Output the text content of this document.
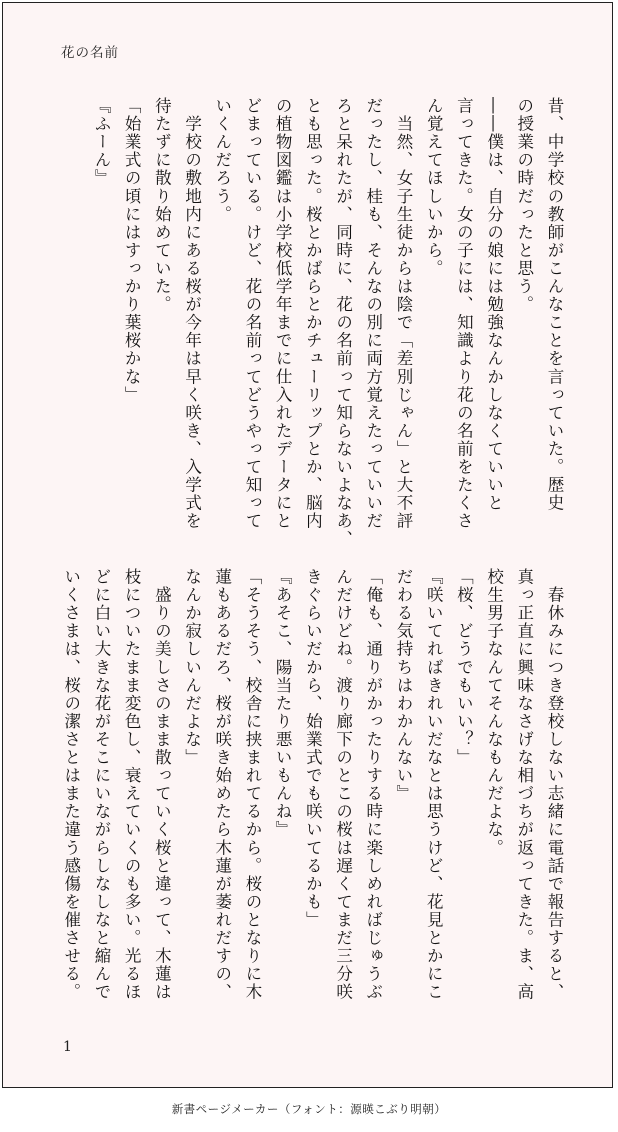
花の名前
昔、中学校の教師がこんなことを言っていた。歴史
の授業の時だったと思う。
――僕は、自分の娘には勉強なんかしなくていいと
言ってきた。女の子には、知識より花の名前をたくさ
ん覚えてほしいから。
　当然、女子生徒からは陰で「差別じゃん」と大不評
だったし、桂も、そんなの別に両方覚えたっていいだ
ろと呆れたが、同時に、花の名前って知らないよなあ、
とも思った。桜とかばらとかチューリップとか、脳内
の植物図鑑は小学校低学年までに仕入れたデータにと
どまっている。けど、花の名前ってどうやって知って
いくんだろう。
　学校の敷地内にある桜が今年は早く咲き、入学式を
待たずに散り始めていた。
「始業式の頃にはすっかり葉桜かな」
『ふーん』
　春休みにつき登校しない志緒に電話で報告すると、
真っ正直に興味なさげな相づちが返ってきた。ま、高
校生男子なんてそんなもんだよな。
「桜、どうでもいい？」
『咲いてればきれいだなとは思うけど、花見とかにこ
だわる気持ちはわかんない』
「俺も、通りがかったりする時に楽しめればじゅうぶ
んだけどね。渡り廊下のとこの桜は遅くてまだ三分咲
きぐらいだから、始業式でも咲いてるかも」
『あそこ、陽当たり悪いもんね』
「そうそう、校舎に挟まれてるから。桜のとなりに木
蓮もあるだろ、桜が咲き始めたら木蓮が萎れだすの、
なんか寂しいんだよな」
　盛りの美しさのまま散っていく桜と違って、木蓮は
枝についたまま変色し、衰えていくのも多い。光るほ
どに白い大きな花がそこにいながらしなしなと縮んで
いくさまは、桜の潔さとはまた違う感傷を催させる。
1
新書ページメーカー（フォント：源暎こぶり明朝）
